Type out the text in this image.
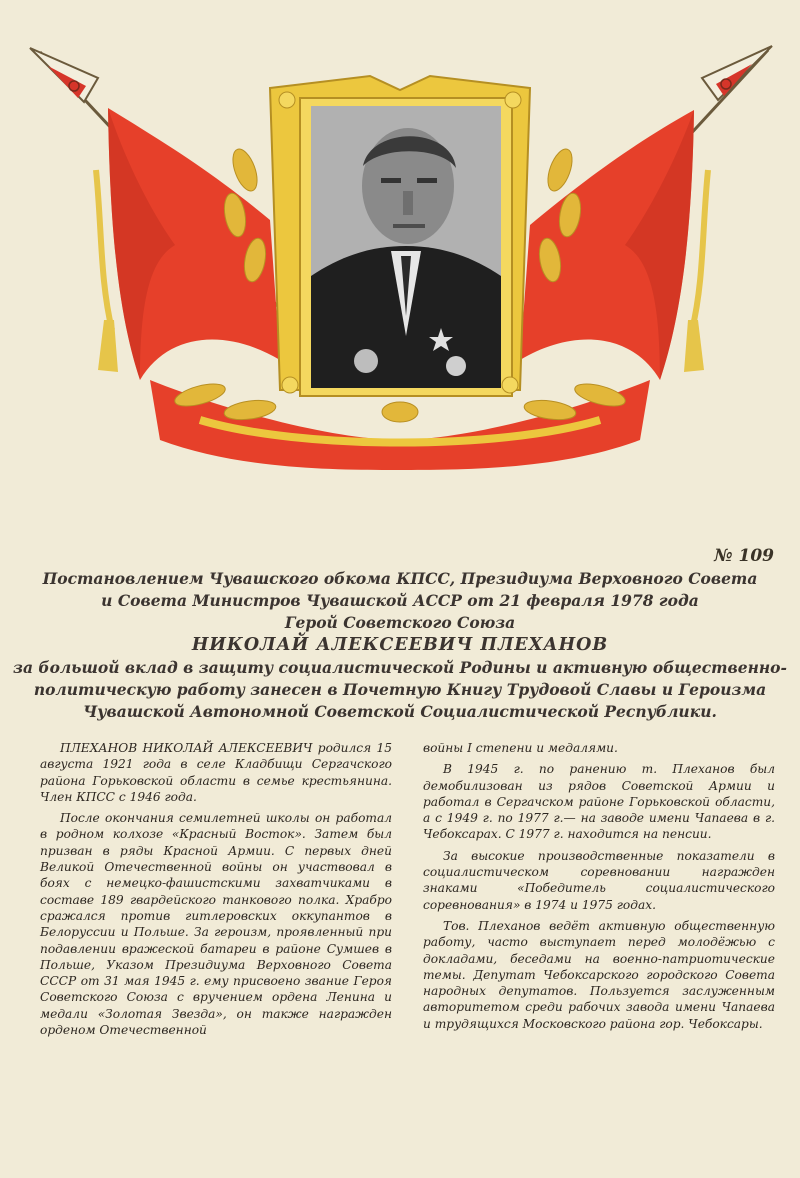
№ 109
Постановлением Чувашского обкома КПСС, Президиума Верховного Совета
и Совета Министров Чувашской АССР от 21 февраля 1978 года
Герой Советского Союза
НИКОЛАЙ АЛЕКСЕЕВИЧ ПЛЕХАНОВ
за большой вклад в защиту социалистической Родины и активную общественно-
политическую работу занесен в Почетную Книгу Трудовой Славы и Героизма
Чувашской Автономной Советской Социалистической Республики.

ПЛЕХАНОВ НИКОЛАЙ АЛЕКСЕЕВИЧ родился 15 августа 1921 года в селе Кладбищи Сергачского района Горьковской области в семье крестьянина. Член КПСС с 1946 года.

После окончания семилетней школы он работал в родном колхозе «Красный Восток». Затем был призван в ряды Красной Армии. С первых дней Великой Отечественной войны он участвовал в боях с немецко-фашистскими захватчиками в составе 189 гвардейского танкового полка. Храбро сражался против гитлеровских оккупантов в Белоруссии и Польше. За героизм, проявленный при подавлении вражеской батареи в районе Сумшев в Польше, Указом Президиума Верховного Совета СССР от 31 мая 1945 г. ему присвоено звание Героя Советского Союза с вручением ордена Ленина и медали «Золотая Звезда», он также награжден орденом Отечественной

войны I степени и медалями.

В 1945 г. по ранению т. Плеханов был демобилизован из рядов Советской Армии и работал в Сергачском районе Горьковской области, а с 1949 г. по 1977 г.— на заводе имени Чапаева в г. Чебоксарах. С 1977 г. находится на пенсии.

За высокие производственные показатели в социалистическом соревновании награжден знаками «Победитель социалистического соревнования» в 1974 и 1975 годах.

Тов. Плеханов ведёт активную общественную работу, часто выступает перед молодёжью с докладами, беседами на военно-патриотические темы. Депутат Чебоксарского городского Совета народных депутатов. Пользуется заслуженным авторитетом среди рабочих завода имени Чапаева и трудящихся Московского района гор. Чебоксары.
